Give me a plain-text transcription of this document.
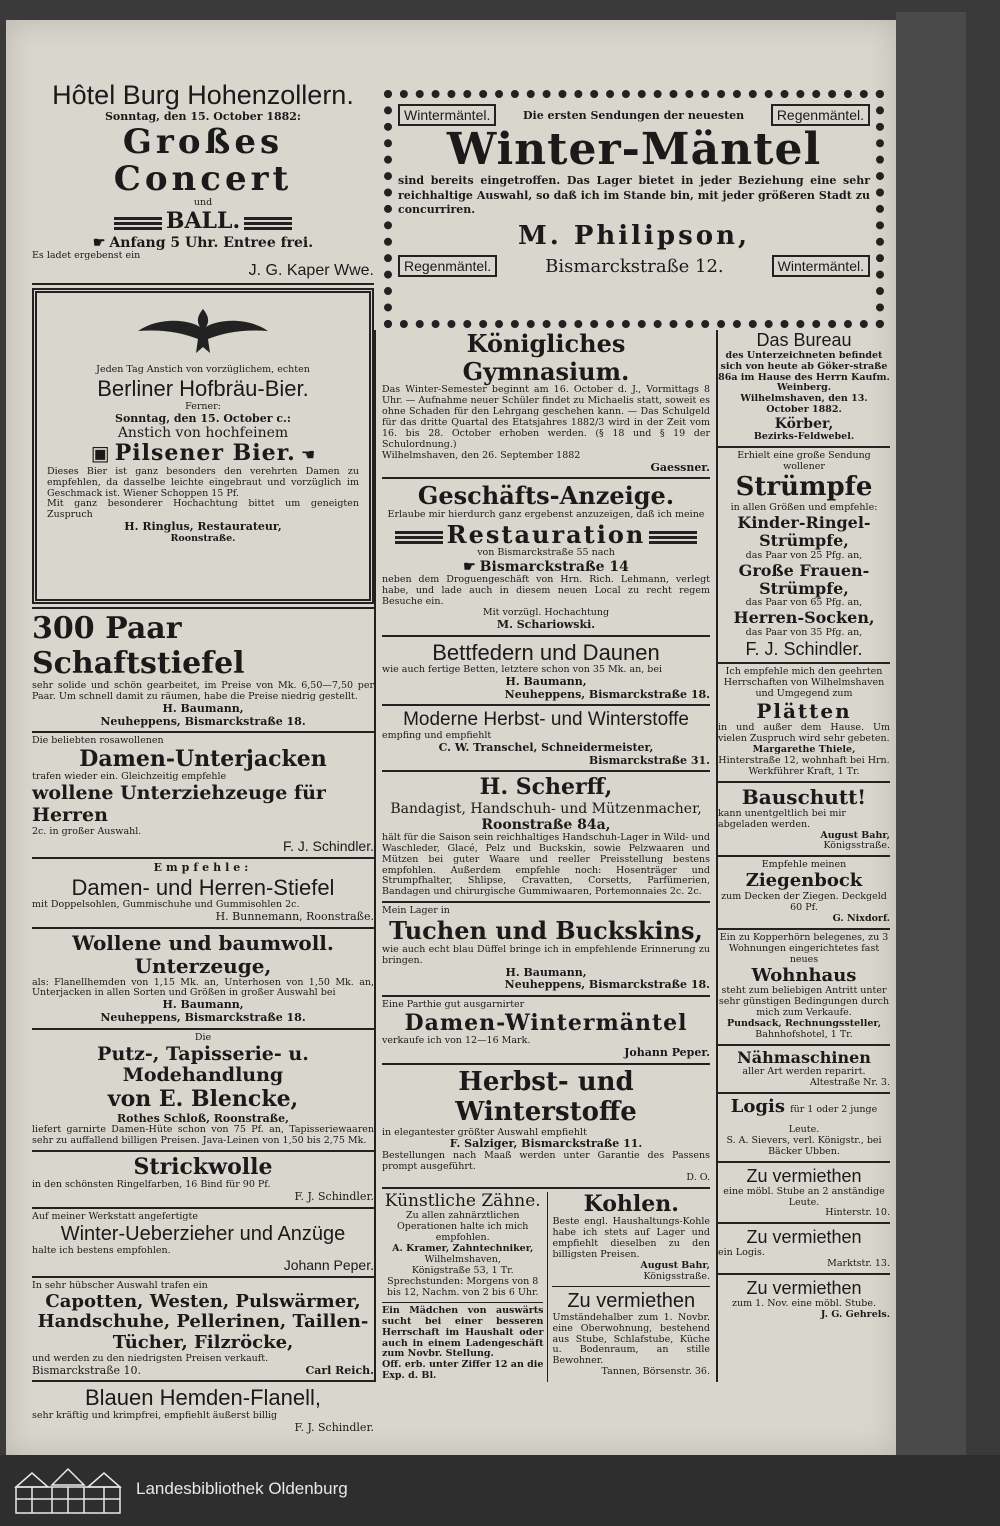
Hôtel Burg Hohenzollern.

Sonntag, den 15. October 1882:

Großes Concert

und

BALL.

☛ Anfang 5 Uhr. Entree frei.

Es ladet ergebenst ein

J. G. Kaper Wwe.

Jeden Tag Anstich von vorzüglichem, echten

Berliner Hofbräu-Bier.

Ferner:

Sonntag, den 15. October c.:

Anstich von hochfeinem

▣ Pilsener Bier. ☚

Dieses Bier ist ganz besonders den verehrten Damen zu empfehlen, da dasselbe leichte eingebraut und vorzüglich im Geschmack ist. Wiener Schoppen 15 Pf.

Mit ganz besonderer Hochachtung bittet um geneigten Zuspruch

H. Ringlus, Restaurateur,

Roonstraße.

300 Paar Schaftstiefel

sehr solide und schön gearbeitet, im Preise von Mk. 6,50—7,50 per Paar. Um schnell damit zu räumen, habe die Preise niedrig gestellt.

H. Baumann,

Neuheppens, Bismarckstraße 18.

Die beliebten rosawollenen

Damen-Unterjacken

trafen wieder ein. Gleichzeitig empfehle

wollene Unterziehzeuge für Herren

2c. in großer Auswahl.

F. J. Schindler.

Empfehle:

Damen- und Herren-Stiefel

mit Doppelsohlen, Gummischuhe und Gummisohlen 2c.

H. Bunnemann, Roonstraße.

Wollene und baumwoll. Unterzeuge,

als: Flanellhemden von 1,15 Mk. an, Unterhosen von 1,50 Mk. an, Unterjacken in allen Sorten und Größen in großer Auswahl bei

H. Baumann,

Neuheppens, Bismarckstraße 18.

Die

Putz-, Tapisserie- u. Modehandlung

von E. Blencke,

Rothes Schloß, Roonstraße,

liefert garnirte Damen-Hüte schon von 75 Pf. an, Tapisseriewaaren sehr zu auffallend billigen Preisen. Java-Leinen von 1,50 bis 2,75 Mk.

Strickwolle

in den schönsten Ringelfarben, 16 Bind für 90 Pf.

F. J. Schindler.

Auf meiner Werkstatt angefertigte

Winter-Ueberzieher und Anzüge

halte ich bestens empfohlen.

Johann Peper.

In sehr hübscher Auswahl trafen ein

Capotten, Westen, Pulswärmer, Handschuhe, Pellerinen, Taillen-Tücher, Filzröcke,

und werden zu den niedrigsten Preisen verkauft.

Bismarckstraße 10.	Carl Reich.

Blauen Hemden-Flanell,

sehr kräftig und krimpfrei, empfiehlt äußerst billig

F. J. Schindler.

Wintermäntel.	Die ersten Sendungen der neuesten	Regenmäntel.

Winter-Mäntel

sind bereits eingetroffen. Das Lager bietet in jeder Beziehung eine sehr reichhaltige Auswahl, so daß ich im Stande bin, mit jeder größeren Stadt zu concurriren.

M. Philipson,

Regenmäntel.	Bismarckstraße 12.	Wintermäntel.

Königliches Gymnasium.

Das Winter-Semester beginnt am 16. October d. J., Vormittags 8 Uhr. — Aufnahme neuer Schüler findet zu Michaelis statt, soweit es ohne Schaden für den Lehrgang geschehen kann. — Das Schulgeld für das dritte Quartal des Etatsjahres 1882/3 wird in der Zeit vom 16. bis 28. October erhoben werden. (§ 18 und § 19 der Schulordnung.)

Wilhelmshaven, den 26. September 1882

Gaessner.

Geschäfts-Anzeige.

Erlaube mir hierdurch ganz ergebenst anzuzeigen, daß ich meine

Restauration

von Bismarckstraße 55 nach

☛ Bismarckstraße 14

neben dem Droguengeschäft von Hrn. Rich. Lehmann, verlegt habe, und lade auch in diesem neuen Local zu recht regem Besuche ein.

Mit vorzügl. Hochachtung

M. Schariowski.

Bettfedern und Daunen

wie auch fertige Betten, letztere schon von 35 Mk. an, bei

H. Baumann,

Neuheppens, Bismarckstraße 18.

Moderne Herbst- und Winterstoffe

empfing und empfiehlt

C. W. Transchel, Schneidermeister,

Bismarckstraße 31.

H. Scherff,

Bandagist, Handschuh- und Mützenmacher,

Roonstraße 84a,

hält für die Saison sein reichhaltiges Handschuh-Lager in Wild- und Waschleder, Glacé, Pelz und Buckskin, sowie Pelzwaaren und Mützen bei guter Waare und reeller Preisstellung bestens empfohlen. Außerdem empfehle noch: Hosenträger und Strumpfhalter, Shlipse, Cravatten, Corsetts, Parfümerien, Bandagen und chirurgische Gummiwaaren, Portemonnaies 2c. 2c.

Mein Lager in

Tuchen und Buckskins,

wie auch echt blau Düffel bringe ich in empfehlende Erinnerung zu bringen.

H. Baumann,

Neuheppens, Bismarckstraße 18.

Eine Parthie gut ausgarnirter

Damen-Wintermäntel

verkaufe ich von 12—16 Mark.

Johann Peper.

Herbst- und Winterstoffe

in elegantester größter Auswahl empfiehlt

F. Salziger, Bismarckstraße 11.

Bestellungen nach Maaß werden unter Garantie des Passens prompt ausgeführt.

D. O.

Künstliche Zähne.

Zu allen zahnärztlichen Operationen halte ich mich empfohlen.

A. Kramer, Zahntechniker,

Wilhelmshaven,

Königstraße 53, 1 Tr.

Sprechstunden: Morgens von 8 bis 12, Nachm. von 2 bis 6 Uhr.

Ein Mädchen von auswärts sucht bei einer besseren Herrschaft im Haushalt oder auch in einem Ladengeschäft zum Novbr. Stellung.

Off. erb. unter Ziffer 12 an die Exp. d. Bl.

Kohlen.

Beste engl. Haushaltungs-Kohle habe ich stets auf Lager und empfiehlt dieselben zu den billigsten Preisen.

August Bahr,

Königsstraße.

Zu vermiethen

Umständehalber zum 1. Novbr. eine Oberwohnung, bestehend aus Stube, Schlafstube, Küche u. Bodenraum, an stille Bewohner.

Tannen, Börsenstr. 36.

Das Bureau

des Unterzeichneten befindet sich von heute ab Göker-straße 86a im Hause des Herrn Kaufm. Weinberg.

Wilhelmshaven, den 13. October 1882.

Körber,

Bezirks-Feldwebel.

Erhielt eine große Sendung wollener

Strümpfe

in allen Größen und empfehle:

Kinder-Ringel-Strümpfe,

das Paar von 25 Pfg. an,

Große Frauen-Strümpfe,

das Paar von 65 Pfg. an,

Herren-Socken,

das Paar von 35 Pfg. an,

F. J. Schindler.

Ich empfehle mich den geehrten Herrschaften von Wilhelmshaven und Umgegend zum

Plätten

in und außer dem Hause. Um vielen Zuspruch wird sehr gebeten.

Margarethe Thiele,

Hinterstraße 12, wohnhaft bei Hrn. Werkführer Kraft, 1 Tr.

Bauschutt!

kann unentgeltlich bei mir abgeladen werden.

August Bahr,

Königsstraße.

Empfehle meinen

Ziegenbock

zum Decken der Ziegen. Deckgeld 60 Pf.

G. Nixdorf.

Ein zu Kopperhörn belegenes, zu 3 Wohnungen eingerichtetes fast neues

Wohnhaus

steht zum beliebigen Antritt unter sehr günstigen Bedingungen durch mich zum Verkaufe.

Pundsack, Rechnungssteller,

Bahnhofshotel, 1 Tr.

Nähmaschinen

aller Art werden reparirt.

Altestraße Nr. 3.

Logis für 1 oder 2 junge Leute.

S. A. Sievers, verl. Königstr., bei Bäcker Ubben.

Zu vermiethen

eine möbl. Stube an 2 anständige Leute.

Hinterstr. 10.

Zu vermiethen

ein Logis.

Marktstr. 13.

Zu vermiethen

zum 1. Nov. eine möbl. Stube.

J. G. Gehrels.

Landesbibliothek Oldenburg
